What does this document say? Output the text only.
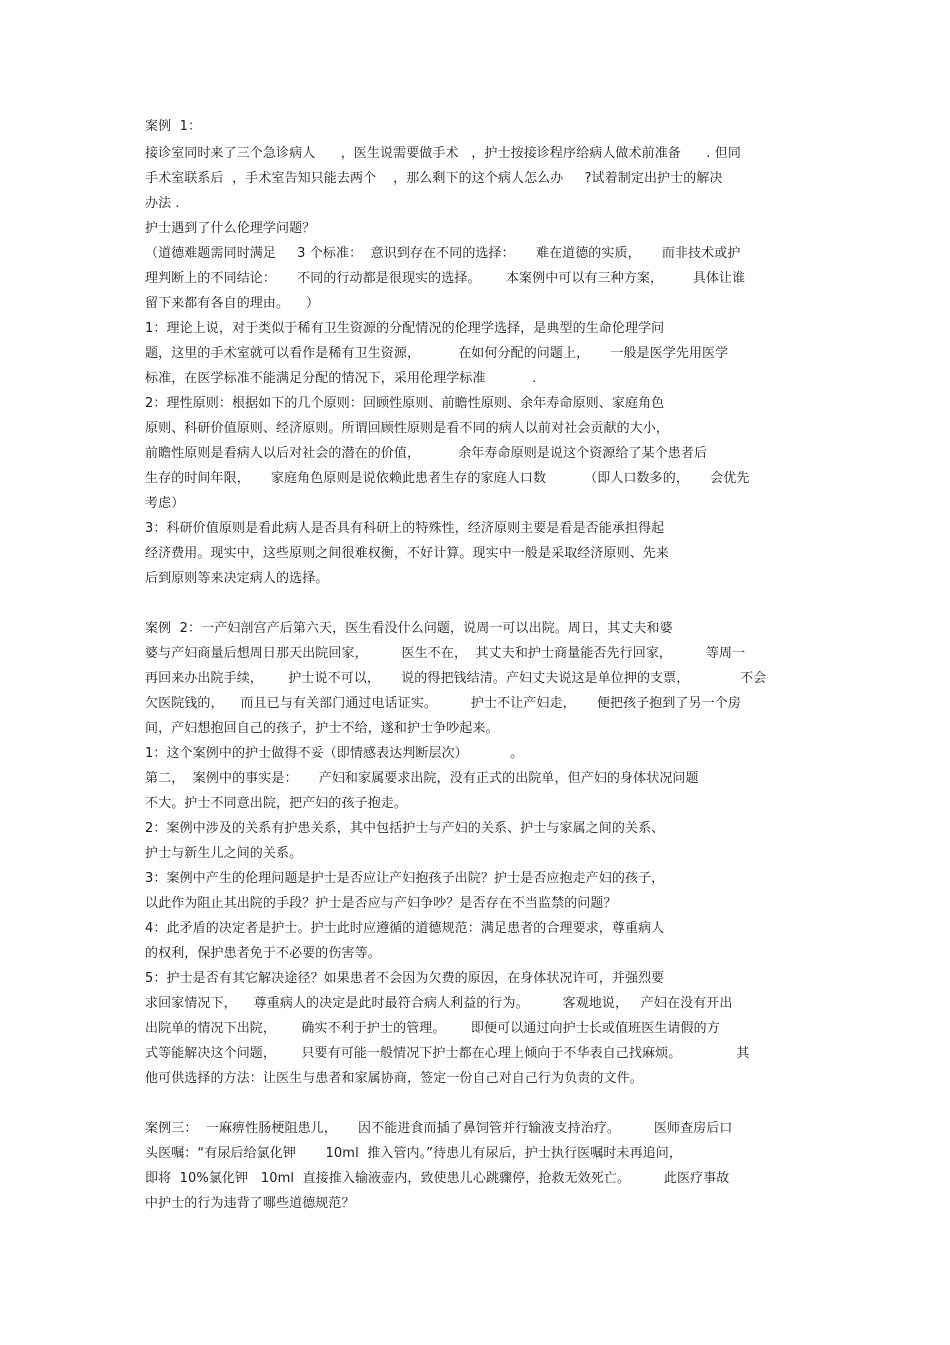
案例  1：
接诊室同时来了三个急诊病人      ，医生说需要做手术   ，护士按接诊程序给病人做术前准备      . 但同
手术室联系后  ，手术室告知只能去两个    ，那么剩下的这个病人怎么办     ?试着制定出护士的解决
办法 .
护士遇到了什么伦理学问题？
（道德难题需同时满足     3 个标准：  意识到存在不同的选择：     难在道德的实质，     而非技术或护
理判断上的不同结论：     不同的行动都是很现实的选择。      本案例中可以有三种方案，       具体让谁
留下来都有各自的理由。    ）
1：理论上说，对于类似于稀有卫生资源的分配情况的伦理学选择，是典型的生命伦理学问
题，这里的手术室就可以看作是稀有卫生资源，         在如何分配的问题上，     一般是医学先用医学
标准，在医学标准不能满足分配的情况下，采用伦理学标准           .
2：理性原则：根据如下的几个原则：回顾性原则、前瞻性原则、余年寿命原则、家庭角色
原则、科研价值原则、经济原则。所谓回顾性原则是看不同的病人以前对社会贡献的大小，
前瞻性原则是看病人以后对社会的潜在的价值，         余年寿命原则是说这个资源给了某个患者后
生存的时间年限，     家庭角色原则是说依赖此患者生存的家庭人口数         （即人口数多的，     会优先
考虑）
3：科研价值原则是看此病人是否具有科研上的特殊性，经济原则主要是看是否能承担得起
经济费用。现实中，这些原则之间很难权衡，不好计算。现实中一般是采取经济原则、先来
后到原则等来决定病人的选择。
案例  2：一产妇剖宫产后第六天，医生看没什么问题，说周一可以出院。周日，其丈夫和婆
婆与产妇商量后想周日那天出院回家，        医生不在，  其丈夫和护士商量能否先行回家，        等周一
再回来办出院手续，      护士说不可以，     说的得把钱结清。产妇丈夫说这是单位押的支票，            不会
欠医院钱的，    而且已与有关部门通过电话证实。        护士不让产妇走，     便把孩子抱到了另一个房
间，产妇想抱回自己的孩子，护士不给，遂和护士争吵起来。
1：这个案例中的护士做得不妥（即情感表达判断层次）          。
第二，  案例中的事实是：     产妇和家属要求出院，没有正式的出院单，但产妇的身体状况问题
不大。护士不同意出院，把产妇的孩子抱走。
2：案例中涉及的关系有护患关系，其中包括护士与产妇的关系、护士与家属之间的关系、
护士与新生儿之间的关系。
3：案例中产生的伦理问题是护士是否应让产妇抱孩子出院？护士是否应抱走产妇的孩子，
以此作为阻止其出院的手段？护士是否应与产妇争吵？是否存在不当监禁的问题？
4：此矛盾的决定者是护士。护士此时应遵循的道德规范：满足患者的合理要求，尊重病人
的权利，保护患者免于不必要的伤害等。
5：护士是否有其它解决途径？如果患者不会因为欠费的原因，在身体状况许可，并强烈要
求回家情况下，    尊重病人的决定是此时最符合病人利益的行为。        客观地说，   产妇在没有开出
出院单的情况下出院，      确实不利于护士的管理。      即便可以通过向护士长或值班医生请假的方
式等能解决这个问题，      只要有可能一般情况下护士都在心理上倾向于不华表自己找麻烦。             其
他可供选择的方法：让医生与患者和家属协商，签定一份自己对自己行为负责的文件。
案例三：  一麻痹性肠梗阻患儿，     因不能进食而插了鼻饲管并行输液支持治疗。        医师查房后口
头医嘱：“有尿后给氯化钾       10ml  推入管内。”待患儿有尿后，护士执行医嘱时未再追问，
即将  10%氯化钾   10ml  直接推入输液壶内，致使患儿心跳骤停，抢救无效死亡。        此医疗事故
中护士的行为违背了哪些道德规范？
